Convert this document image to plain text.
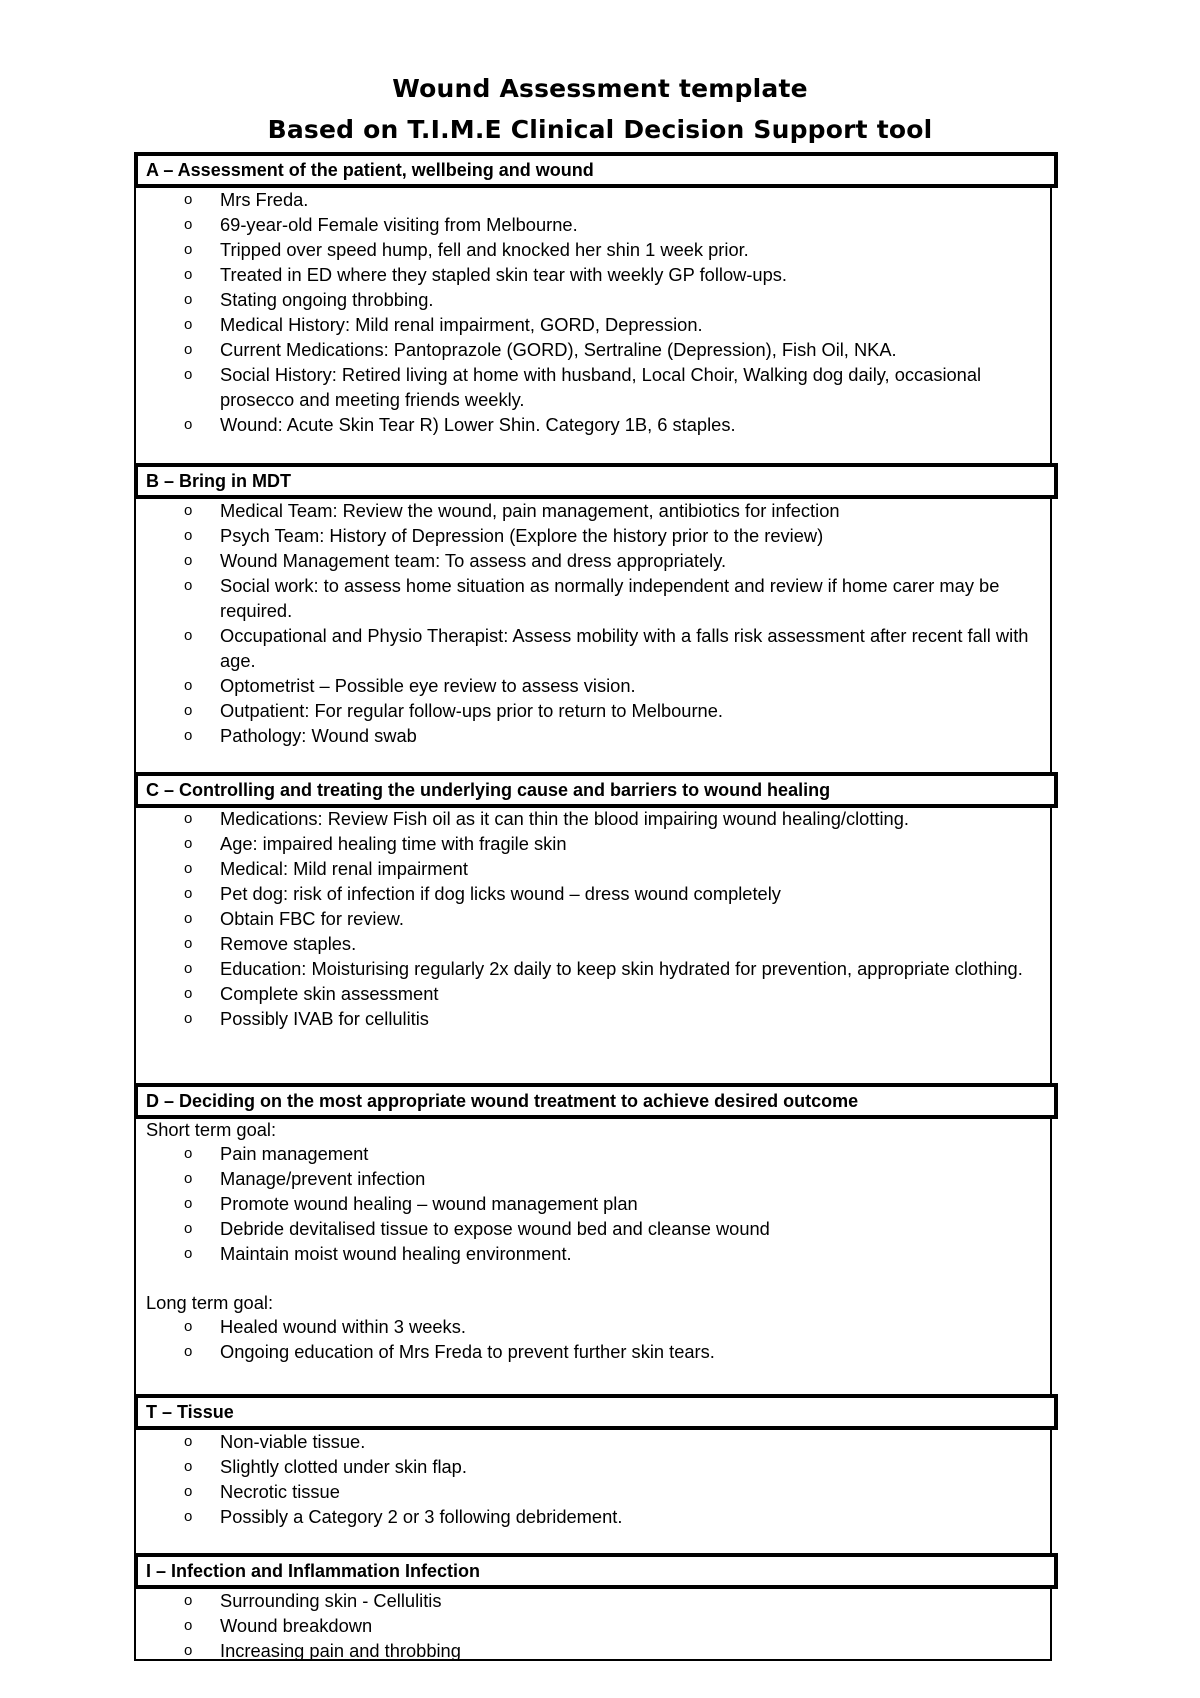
Wound Assessment template
Based on T.I.M.E Clinical Decision Support tool
A – Assessment of the patient, wellbeing and wound
o Mrs Freda.
o 69-year-old Female visiting from Melbourne.
o Tripped over speed hump, fell and knocked her shin 1 week prior.
o Treated in ED where they stapled skin tear with weekly GP follow-ups.
o Stating ongoing throbbing.
o Medical History: Mild renal impairment, GORD, Depression.
o Current Medications: Pantoprazole (GORD), Sertraline (Depression), Fish Oil, NKA.
o Social History: Retired living at home with husband, Local Choir, Walking dog daily, occasional prosecco and meeting friends weekly.
o Wound: Acute Skin Tear R) Lower Shin. Category 1B, 6 staples.
B – Bring in MDT
o Medical Team: Review the wound, pain management, antibiotics for infection
o Psych Team: History of Depression (Explore the history prior to the review)
o Wound Management team: To assess and dress appropriately.
o Social work: to assess home situation as normally independent and review if home carer may be required.
o Occupational and Physio Therapist: Assess mobility with a falls risk assessment after recent fall with age.
o Optometrist – Possible eye review to assess vision.
o Outpatient: For regular follow-ups prior to return to Melbourne.
o Pathology: Wound swab
C – Controlling and treating the underlying cause and barriers to wound healing
o Medications: Review Fish oil as it can thin the blood impairing wound healing/clotting.
o Age: impaired healing time with fragile skin
o Medical: Mild renal impairment
o Pet dog: risk of infection if dog licks wound – dress wound completely
o Obtain FBC for review.
o Remove staples.
o Education: Moisturising regularly 2x daily to keep skin hydrated for prevention, appropriate clothing.
o Complete skin assessment
o Possibly IVAB for cellulitis
D – Deciding on the most appropriate wound treatment to achieve desired outcome
Short term goal:
o Pain management
o Manage/prevent infection
o Promote wound healing – wound management plan
o Debride devitalised tissue to expose wound bed and cleanse wound
o Maintain moist wound healing environment.
Long term goal:
o Healed wound within 3 weeks.
o Ongoing education of Mrs Freda to prevent further skin tears.
T – Tissue
o Non-viable tissue.
o Slightly clotted under skin flap.
o Necrotic tissue
o Possibly a Category 2 or 3 following debridement.
I – Infection and Inflammation Infection
o Surrounding skin - Cellulitis
o Wound breakdown
o Increasing pain and throbbing
